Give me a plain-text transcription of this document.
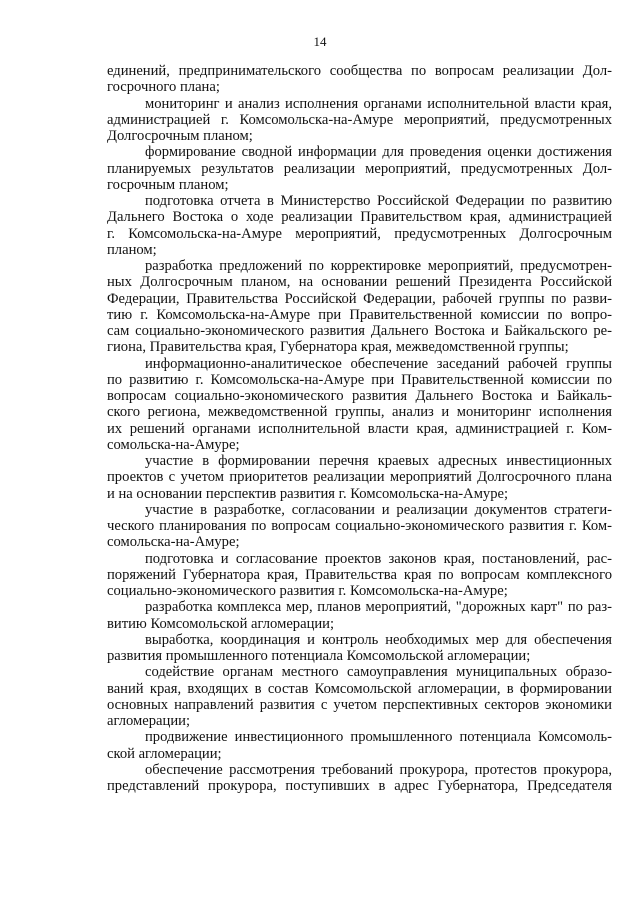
14
единений, предпринимательского сообщества по вопросам реализации Дол-
госрочного плана;
мониторинг и анализ исполнения органами исполнительной власти края,
администрацией г. Комсомольска-на-Амуре мероприятий, предусмотренных
Долгосрочным планом;
формирование сводной информации для проведения оценки достижения
планируемых результатов реализации мероприятий, предусмотренных Дол-
госрочным планом;
подготовка отчета в Министерство Российской Федерации по развитию
Дальнего Востока о ходе реализации Правительством края, администрацией
г. Комсомольска-на-Амуре мероприятий, предусмотренных Долгосрочным
планом;
разработка предложений по корректировке мероприятий, предусмотрен-
ных Долгосрочным планом, на основании решений Президента Российской
Федерации, Правительства Российской Федерации, рабочей группы по разви-
тию г. Комсомольска-на-Амуре при Правительственной комиссии по вопро-
сам социально-экономического развития Дальнего Востока и Байкальского ре-
гиона, Правительства края, Губернатора края, межведомственной группы;
информационно-аналитическое обеспечение заседаний рабочей группы
по развитию г. Комсомольска-на-Амуре при Правительственной комиссии по
вопросам социально-экономического развития Дальнего Востока и Байкаль-
ского региона, межведомственной группы, анализ и мониторинг исполнения
их решений органами исполнительной власти края, администрацией г. Ком-
сомольска-на-Амуре;
участие в формировании перечня краевых адресных инвестиционных
проектов с учетом приоритетов реализации мероприятий Долгосрочного плана
и на основании перспектив развития г. Комсомольска-на-Амуре;
участие в разработке, согласовании и реализации документов стратеги-
ческого планирования по вопросам социально-экономического развития г. Ком-
сомольска-на-Амуре;
подготовка и согласование проектов законов края, постановлений, рас-
поряжений Губернатора края, Правительства края по вопросам комплексного
социально-экономического развития г. Комсомольска-на-Амуре;
разработка комплекса мер, планов мероприятий, "дорожных карт" по раз-
витию Комсомольской агломерации;
выработка, координация и контроль необходимых мер для обеспечения
развития промышленного потенциала Комсомольской агломерации;
содействие органам местного самоуправления муниципальных образо-
ваний края, входящих в состав Комсомольской агломерации, в формировании
основных направлений развития с учетом перспективных секторов экономики
агломерации;
продвижение инвестиционного промышленного потенциала Комсомоль-
ской агломерации;
обеспечение рассмотрения требований прокурора, протестов прокурора,
представлений прокурора, поступивших в адрес Губернатора, Председателя
